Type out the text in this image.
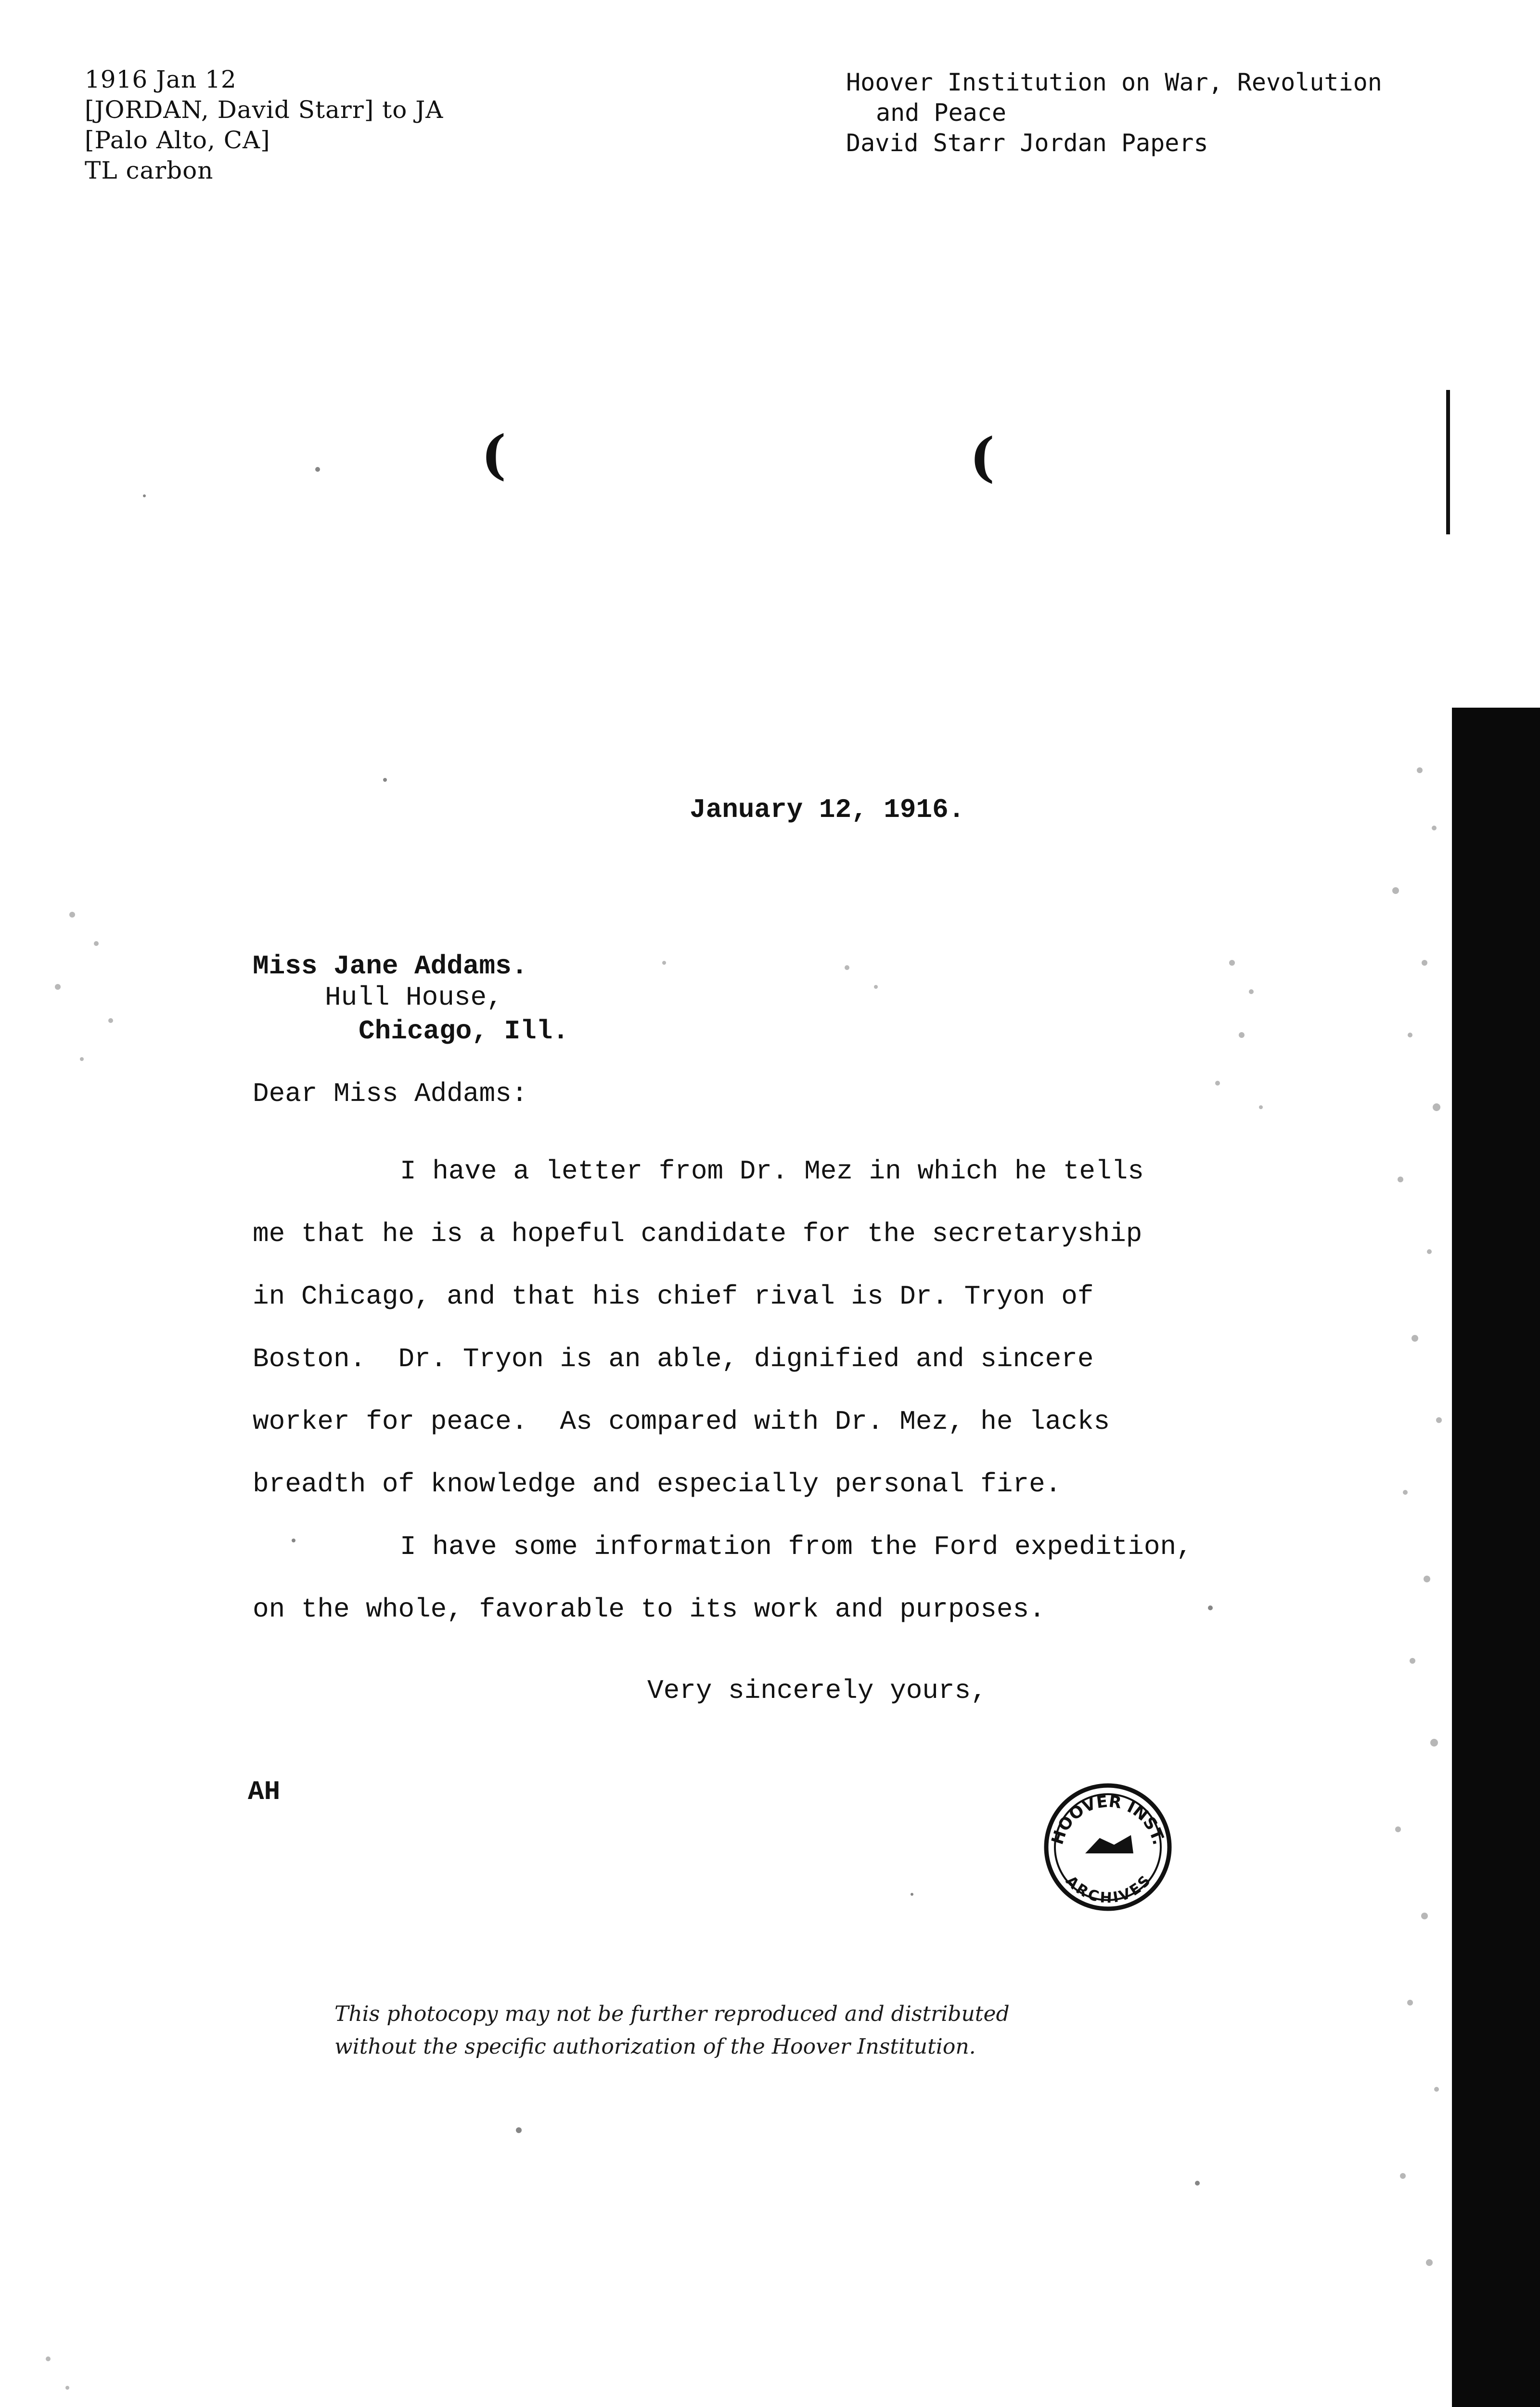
1916 Jan 12
[JORDAN, David Starr] to JA
[Palo Alto, CA]
TL carbon
Hoover Institution on War, Revolution
and Peace
David Starr Jordan Papers
(	(
January 12, 1916.
Miss Jane Addams.
Hull House,
Chicago, Ill.
Dear Miss Addams:
I have a letter from Dr. Mez in which he tells
me that he is a hopeful candidate for the secretaryship
in Chicago, and that his chief rival is Dr. Tryon of
Boston.  Dr. Tryon is an able, dignified and sincere
worker for peace.  As compared with Dr. Mez, he lacks
breadth of knowledge and especially personal fire.
I have some information from the Ford expedition,
on the whole, favorable to its work and purposes.
Very sincerely yours,
AH
HOOVER INST.
ARCHIVES
This photocopy may not be further reproduced and distributed
without the specific authorization of the Hoover Institution.
